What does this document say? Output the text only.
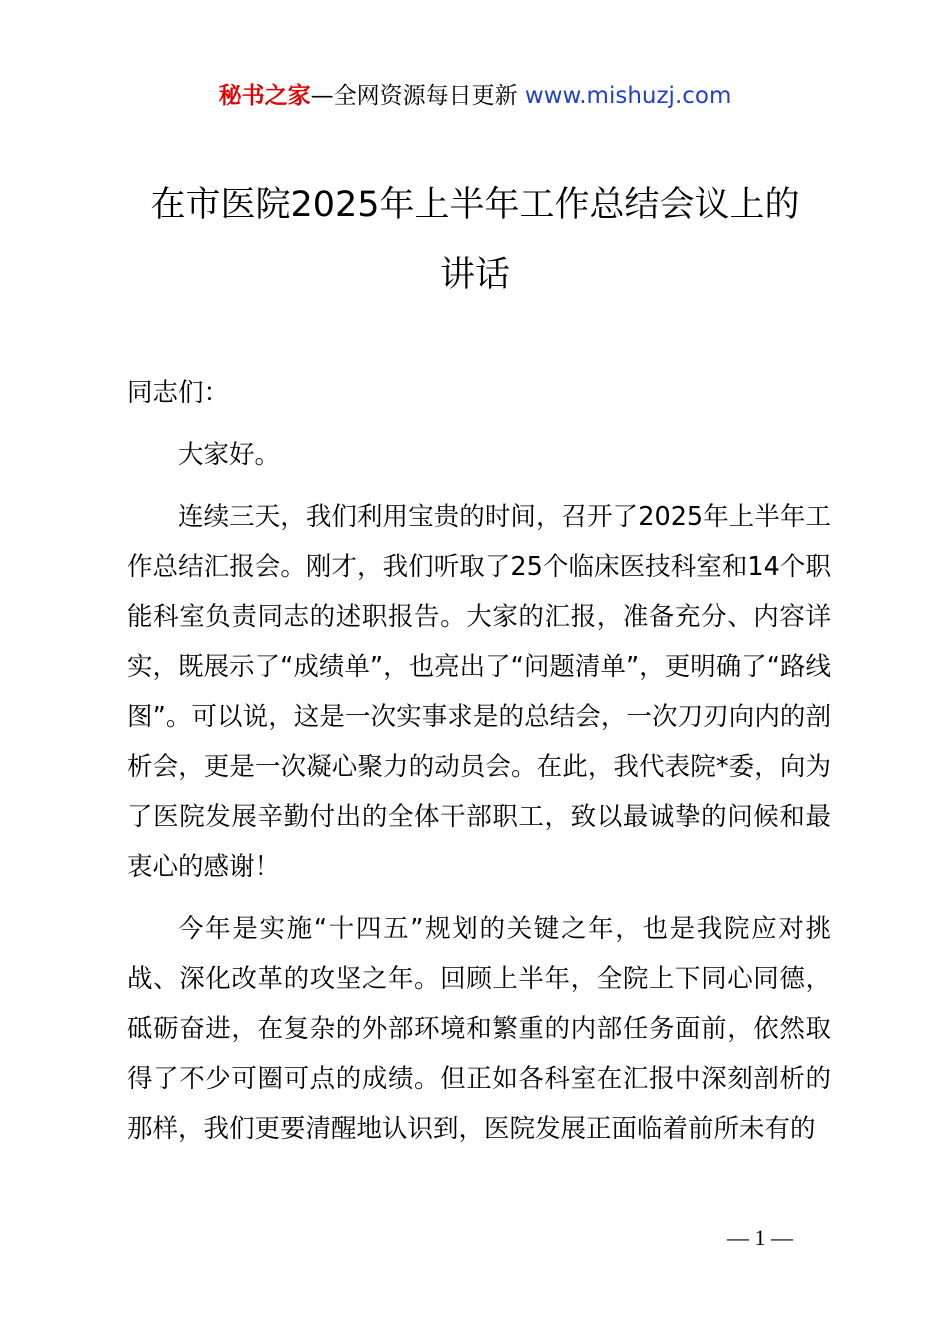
秘书之家—全网资源每日更新 www.mishuzj.com
在市医院2025年上半年工作总结会议上的
讲话

同志们：

大家好。

连续三天，我们利用宝贵的时间，召开了2025年上半年工作总结汇报会。刚才，我们听取了25个临床医技科室和14个职能科室负责同志的述职报告。大家的汇报，准备充分、内容详实，既展示了“成绩单”，也亮出了“问题清单”，更明确了“路线图”。可以说，这是一次实事求是的总结会，一次刀刃向内的剖析会，更是一次凝心聚力的动员会。在此，我代表院*委，向为了医院发展辛勤付出的全体干部职工，致以最诚挚的问候和最衷心的感谢！

今年是实施“十四五”规划的关键之年，也是我院应对挑战、深化改革的攻坚之年。回顾上半年，全院上下同心同德，砥砺奋进，在复杂的外部环境和繁重的内部任务面前，依然取得了不少可圈可点的成绩。但正如各科室在汇报中深刻剖析的那样，我们更要清醒地认识到，医院发展正面临着前所未有的

— 1 —
